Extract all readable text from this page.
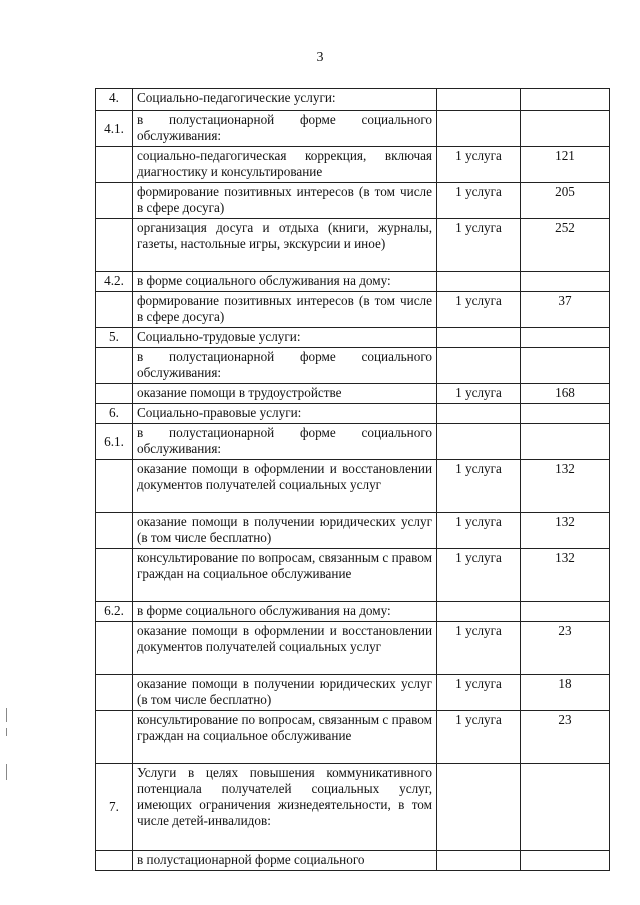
3
4.	Социально-педагогические услуги:		
4.1.	в полустационарной форме социального обслуживания:		
	социально-педагогическая коррекция, включая диагностику и консультирование	1 услуга	121
	формирование позитивных интересов (в том числе в сфере досуга)	1 услуга	205
	организация досуга и отдыха (книги, журналы, газеты, настольные игры, экскурсии и иное)	1 услуга	252
4.2.	в форме социального обслуживания на дому:		
	формирование позитивных интересов (в том числе в сфере досуга)	1 услуга	37
5.	Социально-трудовые услуги:		
	в полустационарной форме социального обслуживания:		
	оказание помощи в трудоустройстве	1 услуга	168
6.	Социально-правовые услуги:		
6.1.	в полустационарной форме социального обслуживания:		
	оказание помощи в оформлении и восстановлении документов получателей социальных услуг	1 услуга	132
	оказание помощи в получении юридических услуг (в том числе бесплатно)	1 услуга	132
	консультирование по вопросам, связанным с правом граждан на социальное обслуживание	1 услуга	132
6.2.	в форме социального обслуживания на дому:		
	оказание помощи в оформлении и восстановлении документов получателей социальных услуг	1 услуга	23
	оказание помощи в получении юридических услуг (в том числе бесплатно)	1 услуга	18
	консультирование по вопросам, связанным с правом граждан на социальное обслуживание	1 услуга	23
7.	Услуги в целях повышения коммуникативного потенциала получателей социальных услуг, имеющих ограничения жизнедеятельности, в том числе детей-инвалидов:		
	в полустационарной форме социального		
